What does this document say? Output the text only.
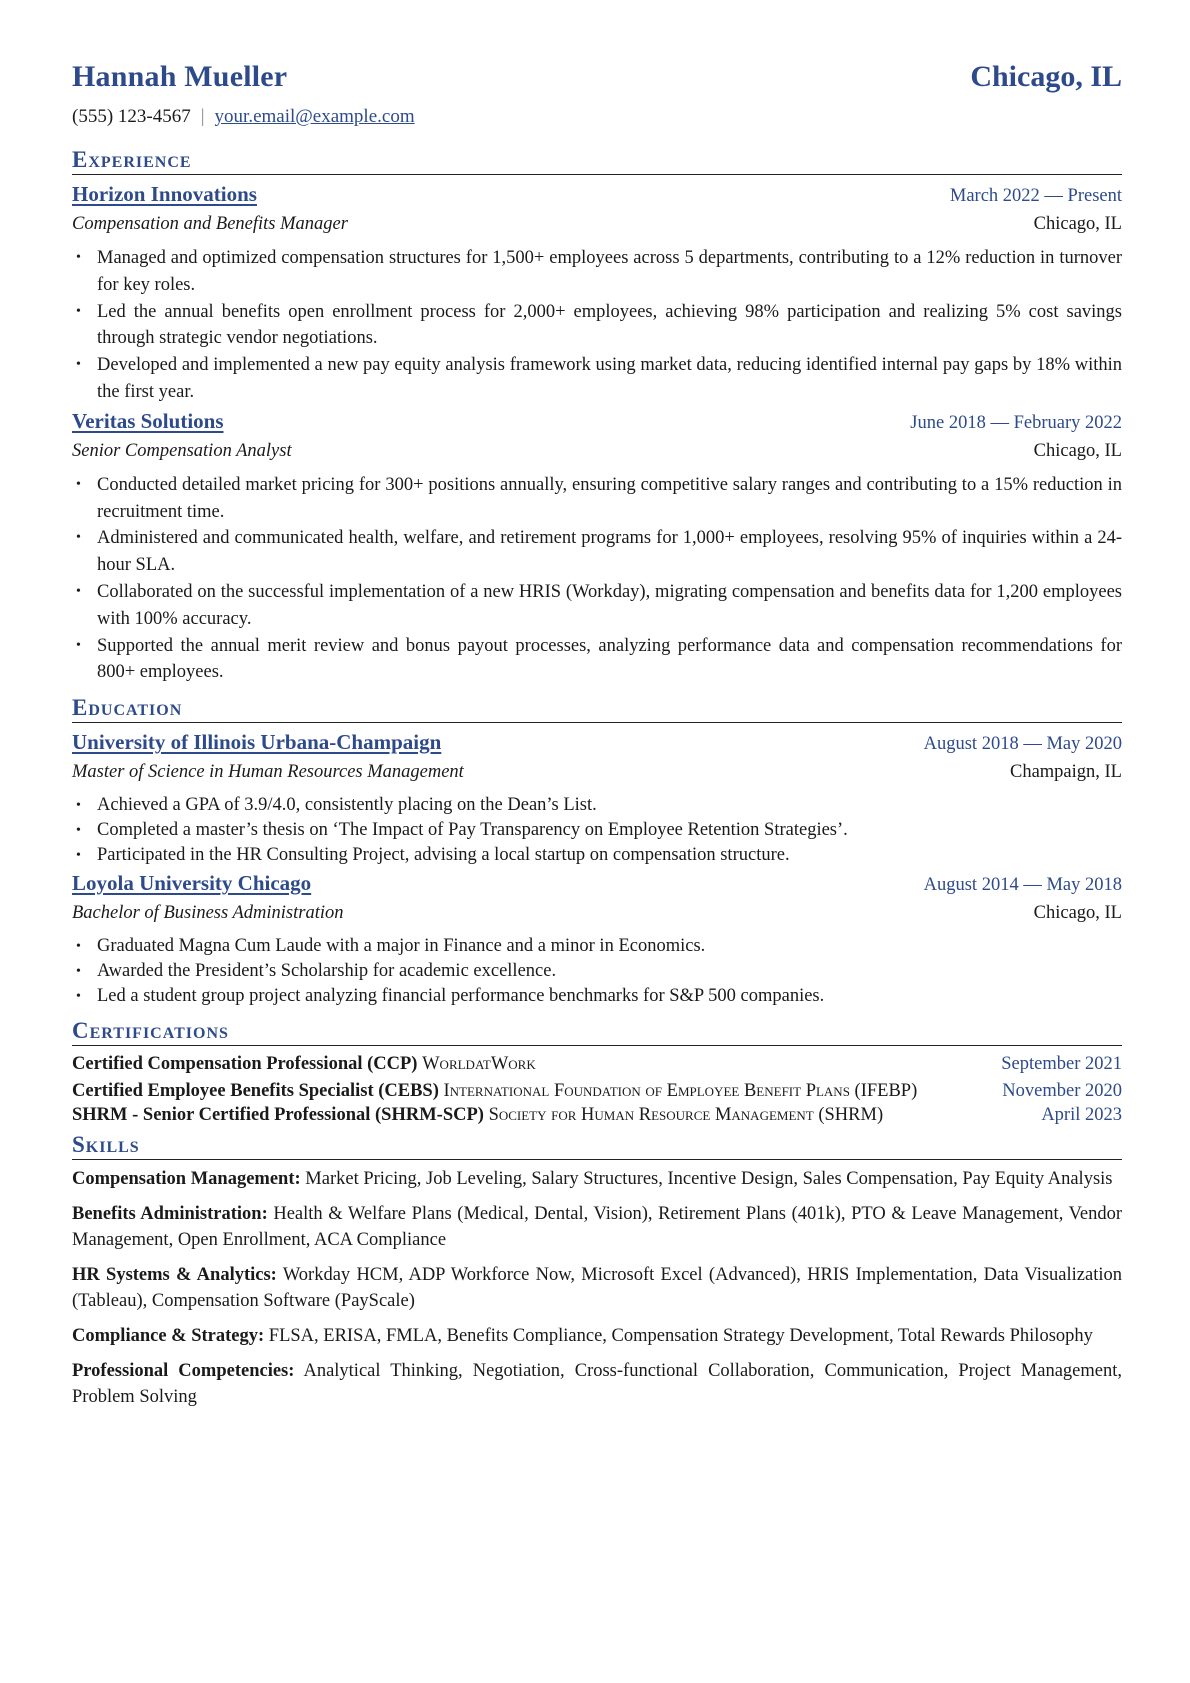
Hannah Mueller	Chicago, IL
(555) 123-4567 | your.email@example.com
Experience
Horizon Innovations	March 2022 — Present
Compensation and Benefits Manager	Chicago, IL
• Managed and optimized compensation structures for 1,500+ employees across 5 departments, contributing to a 12% reduction in turnover for key roles.
• Led the annual benefits open enrollment process for 2,000+ employees, achieving 98% participation and realizing 5% cost savings through strategic vendor negotiations.
• Developed and implemented a new pay equity analysis framework using market data, reducing identified internal pay gaps by 18% within the first year.
Veritas Solutions	June 2018 — February 2022
Senior Compensation Analyst	Chicago, IL
• Conducted detailed market pricing for 300+ positions annually, ensuring competitive salary ranges and contributing to a 15% reduction in recruitment time.
• Administered and communicated health, welfare, and retirement programs for 1,000+ employees, resolving 95% of inquiries within a 24-hour SLA.
• Collaborated on the successful implementation of a new HRIS (Workday), migrating compensation and benefits data for 1,200 employees with 100% accuracy.
• Supported the annual merit review and bonus payout processes, analyzing performance data and compensation recommendations for 800+ employees.
Education
University of Illinois Urbana-Champaign	August 2018 — May 2020
Master of Science in Human Resources Management	Champaign, IL
• Achieved a GPA of 3.9/4.0, consistently placing on the Dean’s List.
• Completed a master’s thesis on ‘The Impact of Pay Transparency on Employee Retention Strategies’.
• Participated in the HR Consulting Project, advising a local startup on compensation structure.
Loyola University Chicago	August 2014 — May 2018
Bachelor of Business Administration	Chicago, IL
• Graduated Magna Cum Laude with a major in Finance and a minor in Economics.
• Awarded the President’s Scholarship for academic excellence.
• Led a student group project analyzing financial performance benchmarks for S&P 500 companies.
Certifications
Certified Compensation Professional (CCP) WorldatWork	September 2021
Certified Employee Benefits Specialist (CEBS) International Foundation of Employee Benefit Plans (IFEBP)	November 2020
SHRM - Senior Certified Professional (SHRM-SCP) Society for Human Resource Management (SHRM)	April 2023
Skills
Compensation Management: Market Pricing, Job Leveling, Salary Structures, Incentive Design, Sales Compensation, Pay Equity Analysis
Benefits Administration: Health & Welfare Plans (Medical, Dental, Vision), Retirement Plans (401k), PTO & Leave Management, Vendor Management, Open Enrollment, ACA Compliance
HR Systems & Analytics: Workday HCM, ADP Workforce Now, Microsoft Excel (Advanced), HRIS Implementation, Data Visualization (Tableau), Compensation Software (PayScale)
Compliance & Strategy: FLSA, ERISA, FMLA, Benefits Compliance, Compensation Strategy Development, Total Rewards Philosophy
Professional Competencies: Analytical Thinking, Negotiation, Cross-functional Collaboration, Communication, Project Management, Problem Solving
